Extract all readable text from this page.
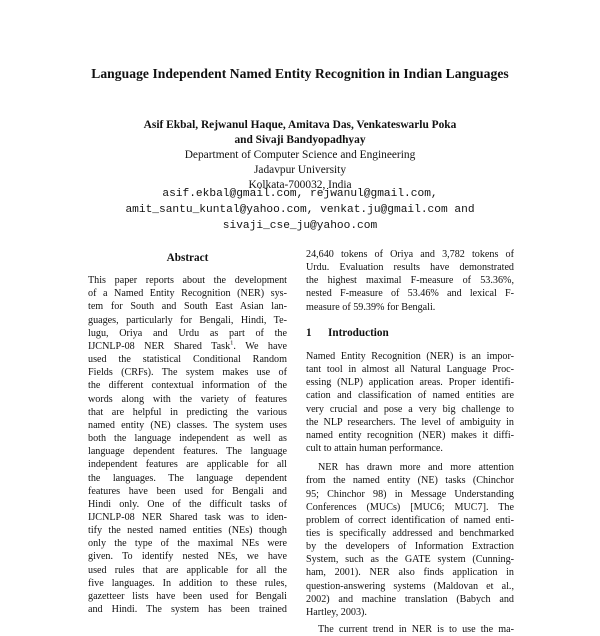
Language Independent Named Entity Recognition in Indian Languages
Asif Ekbal, Rejwanul Haque, Amitava Das, Venkateswarlu Poka
and Sivaji Bandyopadhyay
Department of Computer Science and Engineering
Jadavpur University
Kolkata-700032, India
asif.ekbal@gmail.com, rejwanul@gmail.com,
amit_santu_kuntal@yahoo.com, venkat.ju@gmail.com and
sivaji_cse_ju@yahoo.com
Abstract
This paper reports about the development
of a Named Entity Recognition (NER) sys-
tem for South and South East Asian lan-
guages, particularly for Bengali, Hindi, Te-
lugu, Oriya and Urdu as part of the
IJCNLP-08 NER Shared Task$^1$. We have
used the statistical Conditional Random
Fields (CRFs). The system makes use of
the different contextual information of the
words along with the variety of features
that are helpful in predicting the various
named entity (NE) classes. The system uses
both the language independent as well as
language dependent features. The language
independent features are applicable for all
the languages. The language dependent
features have been used for Bengali and
Hindi only. One of the difficult tasks of
IJCNLP-08 NER Shared task was to iden-
tify the nested named entities (NEs) though
only the type of the maximal NEs were
given. To identify nested NEs, we have
used rules that are applicable for all the
five languages. In addition to these rules,
gazetteer lists have been used for Bengali
and Hindi. The system has been trained
24,640 tokens of Oriya and 3,782 tokens of
Urdu. Evaluation results have demonstrated
the highest maximal F-measure of 53.36%,
nested F-measure of 53.46% and lexical F-
measure of 59.39% for Bengali.
1 Introduction
Named Entity Recognition (NER) is an impor-
tant tool in almost all Natural Language Proc-
essing (NLP) application areas. Proper identifi-
cation and classification of named entities are
very crucial and pose a very big challenge to
the NLP researchers. The level of ambiguity in
named entity recognition (NER) makes it diffi-
cult to attain human performance.
NER has drawn more and more attention
from the named entity (NE) tasks (Chinchor
95; Chinchor 98) in Message Understanding
Conferences (MUCs) [MUC6; MUC7]. The
problem of correct identification of named enti-
ties is specifically addressed and benchmarked
by the developers of Information Extraction
System, such as the GATE system (Cunning-
ham, 2001). NER also finds application in
question-answering systems (Maldovan et al.,
2002) and machine translation (Babych and
Hartley, 2003).
The current trend in NER is to use the ma-
